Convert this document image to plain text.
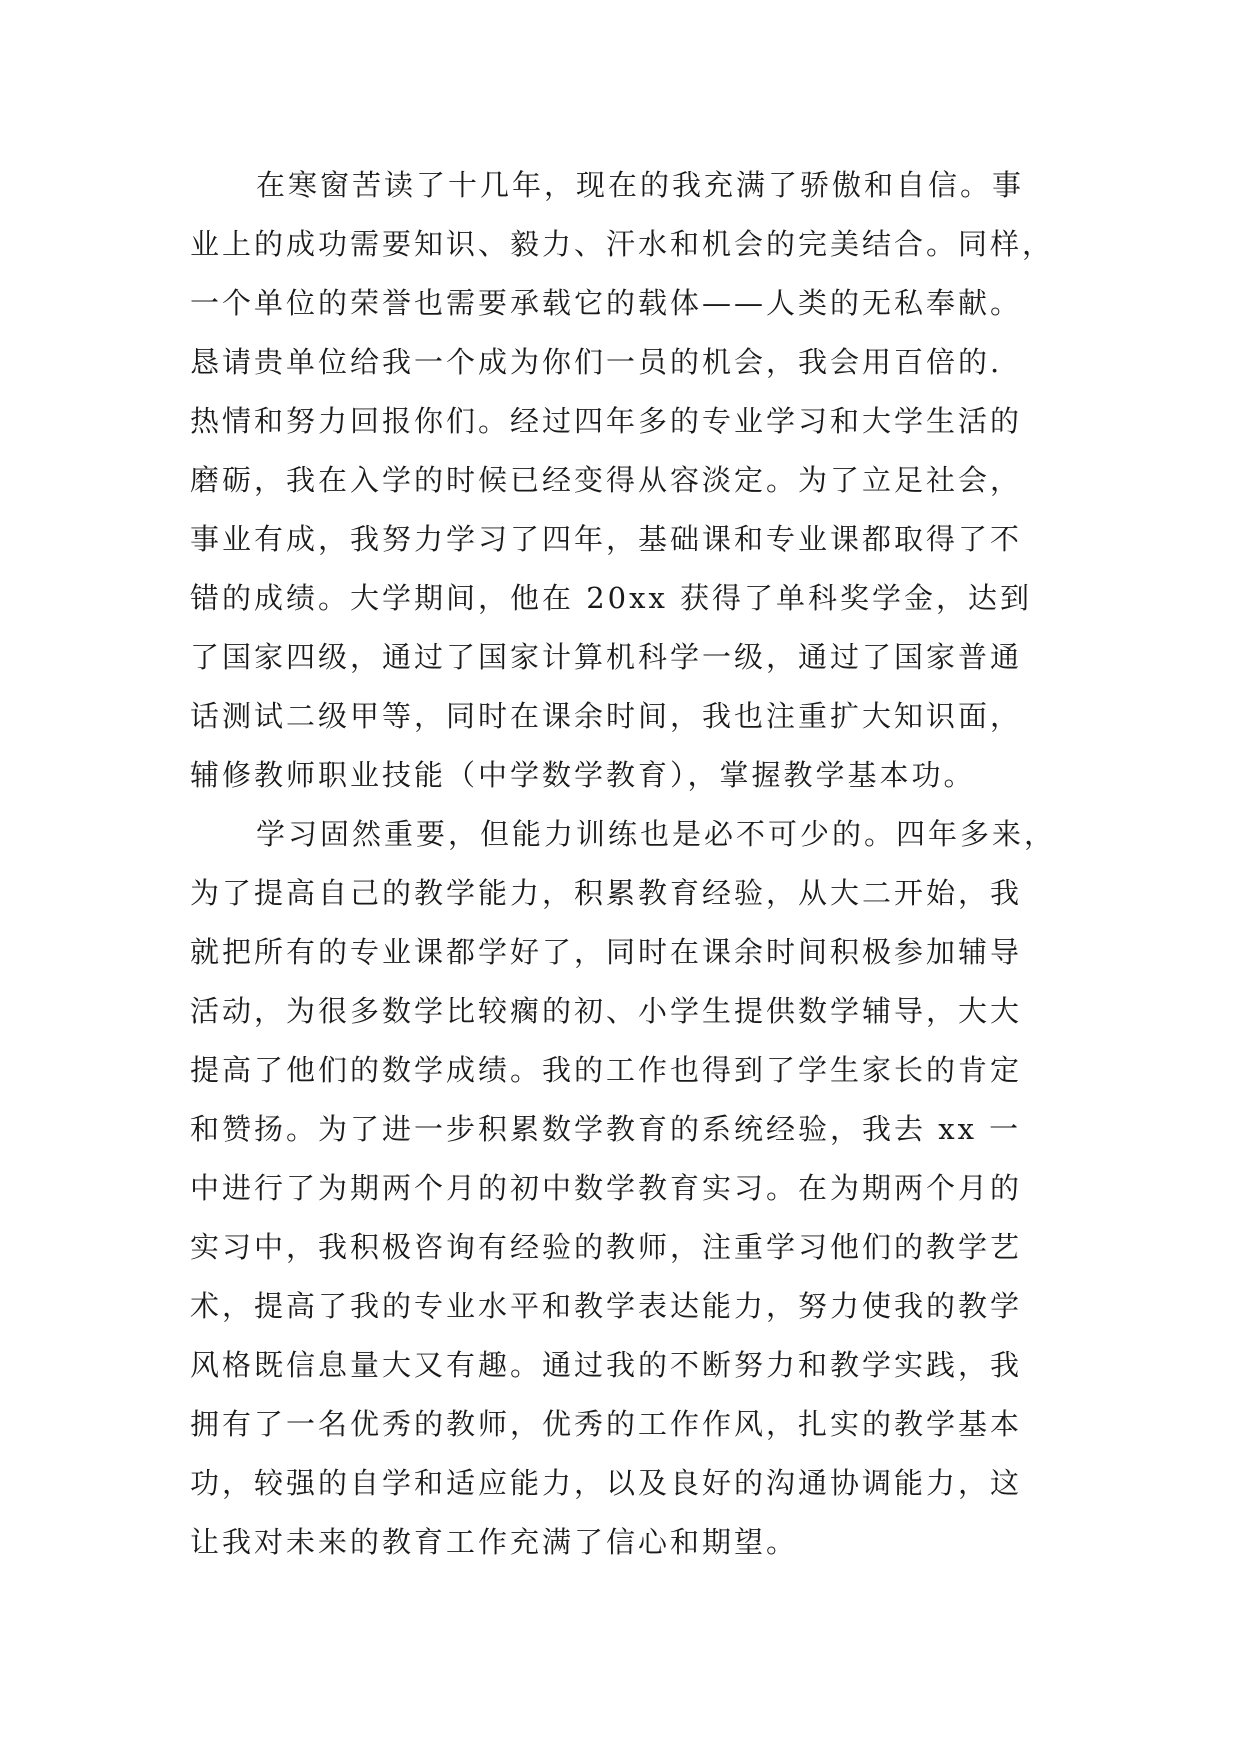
在寒窗苦读了十几年，现在的我充满了骄傲和自信。事
业上的成功需要知识、毅力、汗水和机会的完美结合。同样，
一个单位的荣誉也需要承载它的载体——人类的无私奉献。
恳请贵单位给我一个成为你们一员的机会，我会用百倍的.
热情和努力回报你们。经过四年多的专业学习和大学生活的
磨砺，我在入学的时候已经变得从容淡定。为了立足社会，
事业有成，我努力学习了四年，基础课和专业课都取得了不
错的成绩。大学期间，他在 20xx 获得了单科奖学金，达到
了国家四级，通过了国家计算机科学一级，通过了国家普通
话测试二级甲等，同时在课余时间，我也注重扩大知识面，
辅修教师职业技能（中学数学教育），掌握教学基本功。
学习固然重要，但能力训练也是必不可少的。四年多来，
为了提高自己的教学能力，积累教育经验，从大二开始，我
就把所有的专业课都学好了，同时在课余时间积极参加辅导
活动，为很多数学比较瘸的初、小学生提供数学辅导，大大
提高了他们的数学成绩。我的工作也得到了学生家长的肯定
和赞扬。为了进一步积累数学教育的系统经验，我去 xx 一
中进行了为期两个月的初中数学教育实习。在为期两个月的
实习中，我积极咨询有经验的教师，注重学习他们的教学艺
术，提高了我的专业水平和教学表达能力，努力使我的教学
风格既信息量大又有趣。通过我的不断努力和教学实践，我
拥有了一名优秀的教师，优秀的工作作风，扎实的教学基本
功，较强的自学和适应能力，以及良好的沟通协调能力，这
让我对未来的教育工作充满了信心和期望。
